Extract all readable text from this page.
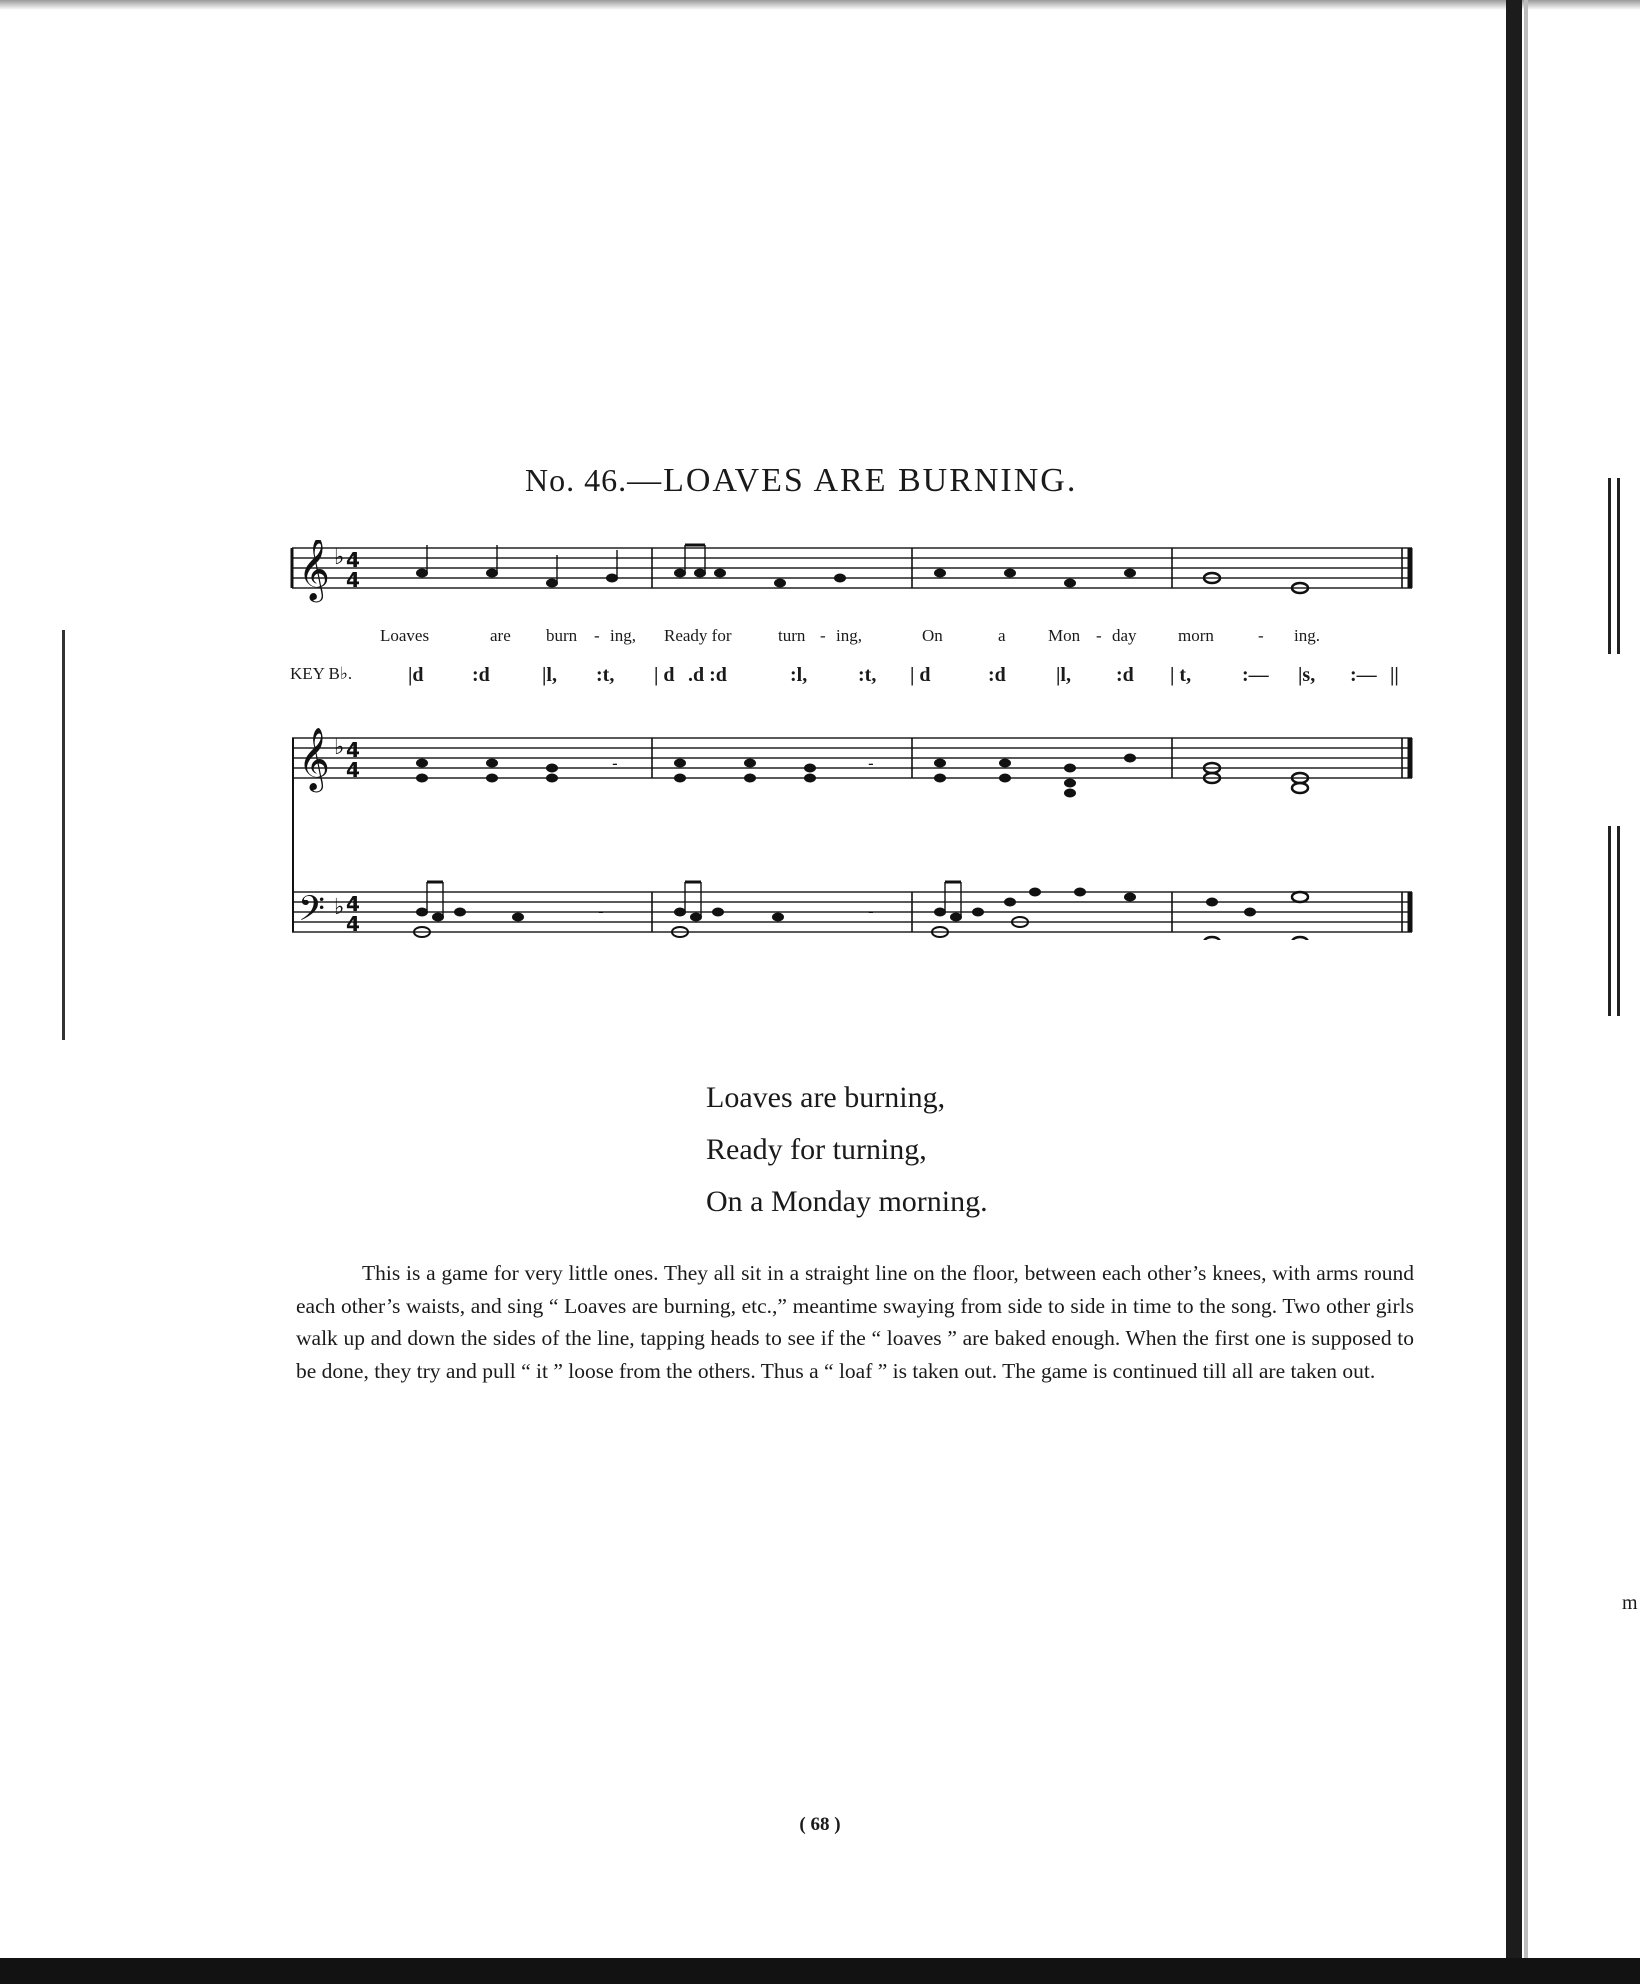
No. 46.—LOAVES ARE BURNING.
𝄞
𝄞
𝄢
♭ 4
4
♭ 4
4
♭ 4
4
-	-
-	-
Loaves	are burn - ing, Ready for	turn - ing,	On	a Mon - day morn	- ing.
KEY B♭.	|d :d	|l, :t, | d .d :d	:l,	:t, | d	:d	|l, :d | t,	:— |s, :— ||
Loaves are burning,
Ready for turning,
On a Monday morning.
This is a game for very little ones. They all sit in a straight line on the floor, between each other’s knees, with arms round each other’s waists, and sing “ Loaves are burning, etc.,” meantime swaying from side to side in time to the song. Two other girls walk up and down the sides of the line, tapping heads to see if the “ loaves ” are baked enough. When the first one is supposed to be done, they try and pull “ it ” loose from the others. Thus a “ loaf ” is taken out. The game is continued till all are taken out.
( 68 )
m
